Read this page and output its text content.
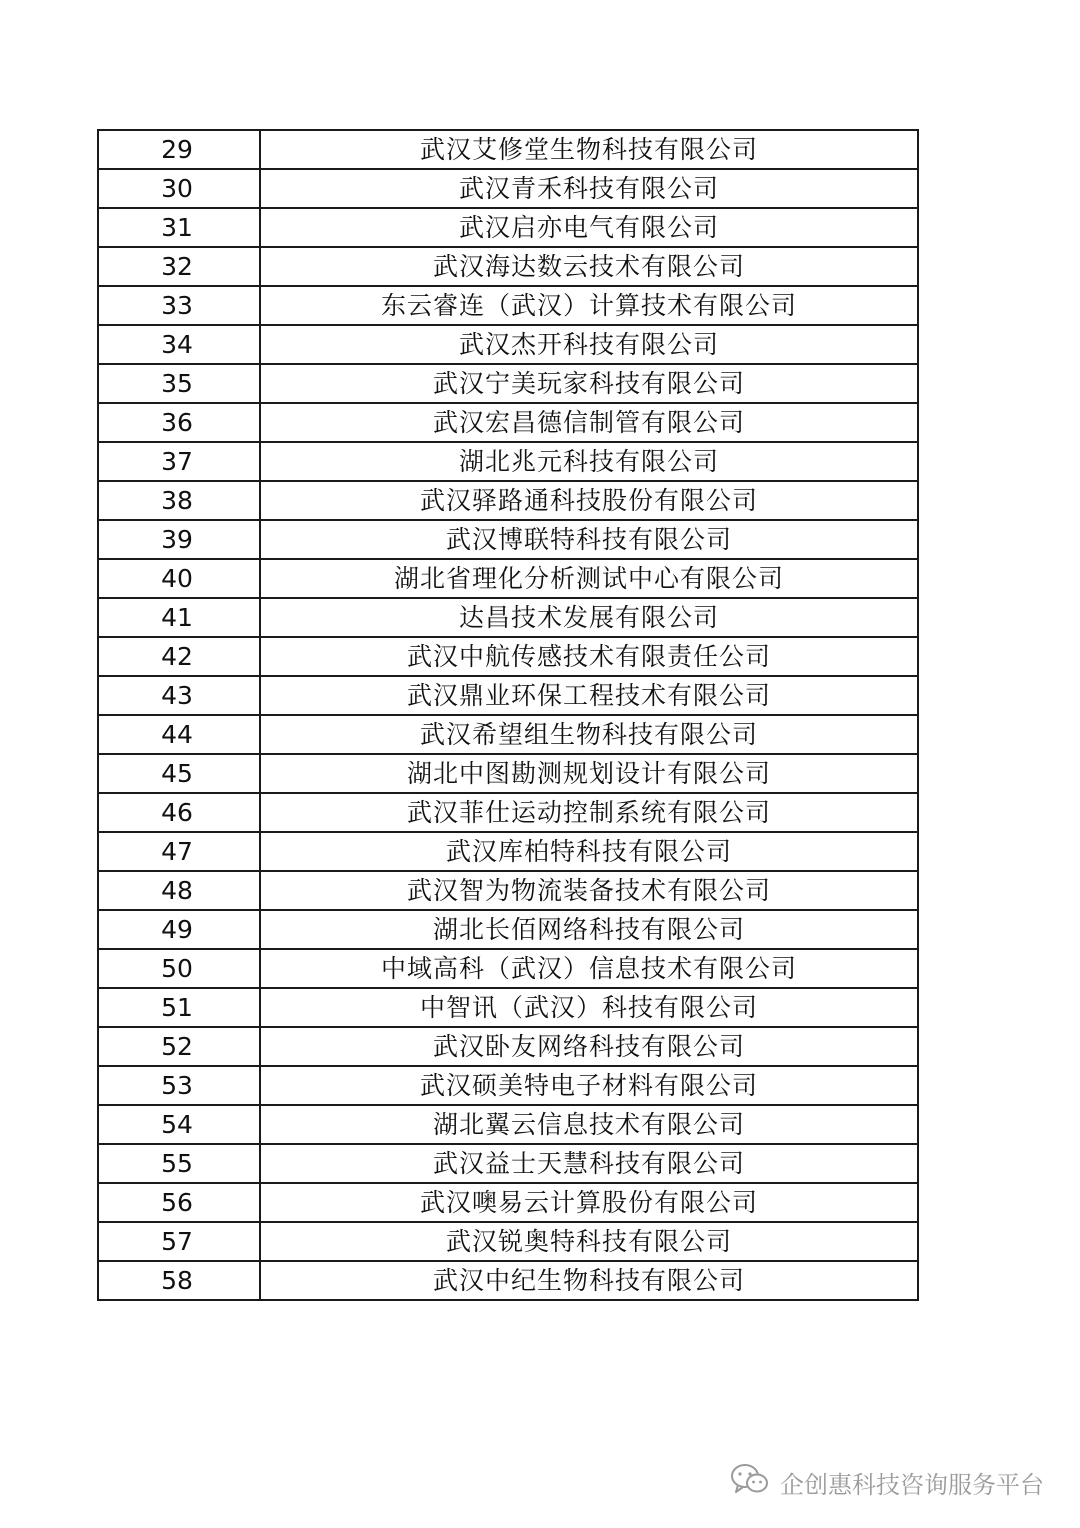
29	武汉艾修堂生物科技有限公司
30	武汉青禾科技有限公司
31	武汉启亦电气有限公司
32	武汉海达数云技术有限公司
33	东云睿连（武汉）计算技术有限公司
34	武汉杰开科技有限公司
35	武汉宁美玩家科技有限公司
36	武汉宏昌德信制管有限公司
37	湖北兆元科技有限公司
38	武汉驿路通科技股份有限公司
39	武汉博联特科技有限公司
40	湖北省理化分析测试中心有限公司
41	达昌技术发展有限公司
42	武汉中航传感技术有限责任公司
43	武汉鼎业环保工程技术有限公司
44	武汉希望组生物科技有限公司
45	湖北中图勘测规划设计有限公司
46	武汉菲仕运动控制系统有限公司
47	武汉库柏特科技有限公司
48	武汉智为物流装备技术有限公司
49	湖北长佰网络科技有限公司
50	中域高科（武汉）信息技术有限公司
51	中智讯（武汉）科技有限公司
52	武汉卧友网络科技有限公司
53	武汉硕美特电子材料有限公司
54	湖北翼云信息技术有限公司
55	武汉益士天慧科技有限公司
56	武汉噢易云计算股份有限公司
57	武汉锐奥特科技有限公司
58	武汉中纪生物科技有限公司
企创惠科技咨询服务平台
